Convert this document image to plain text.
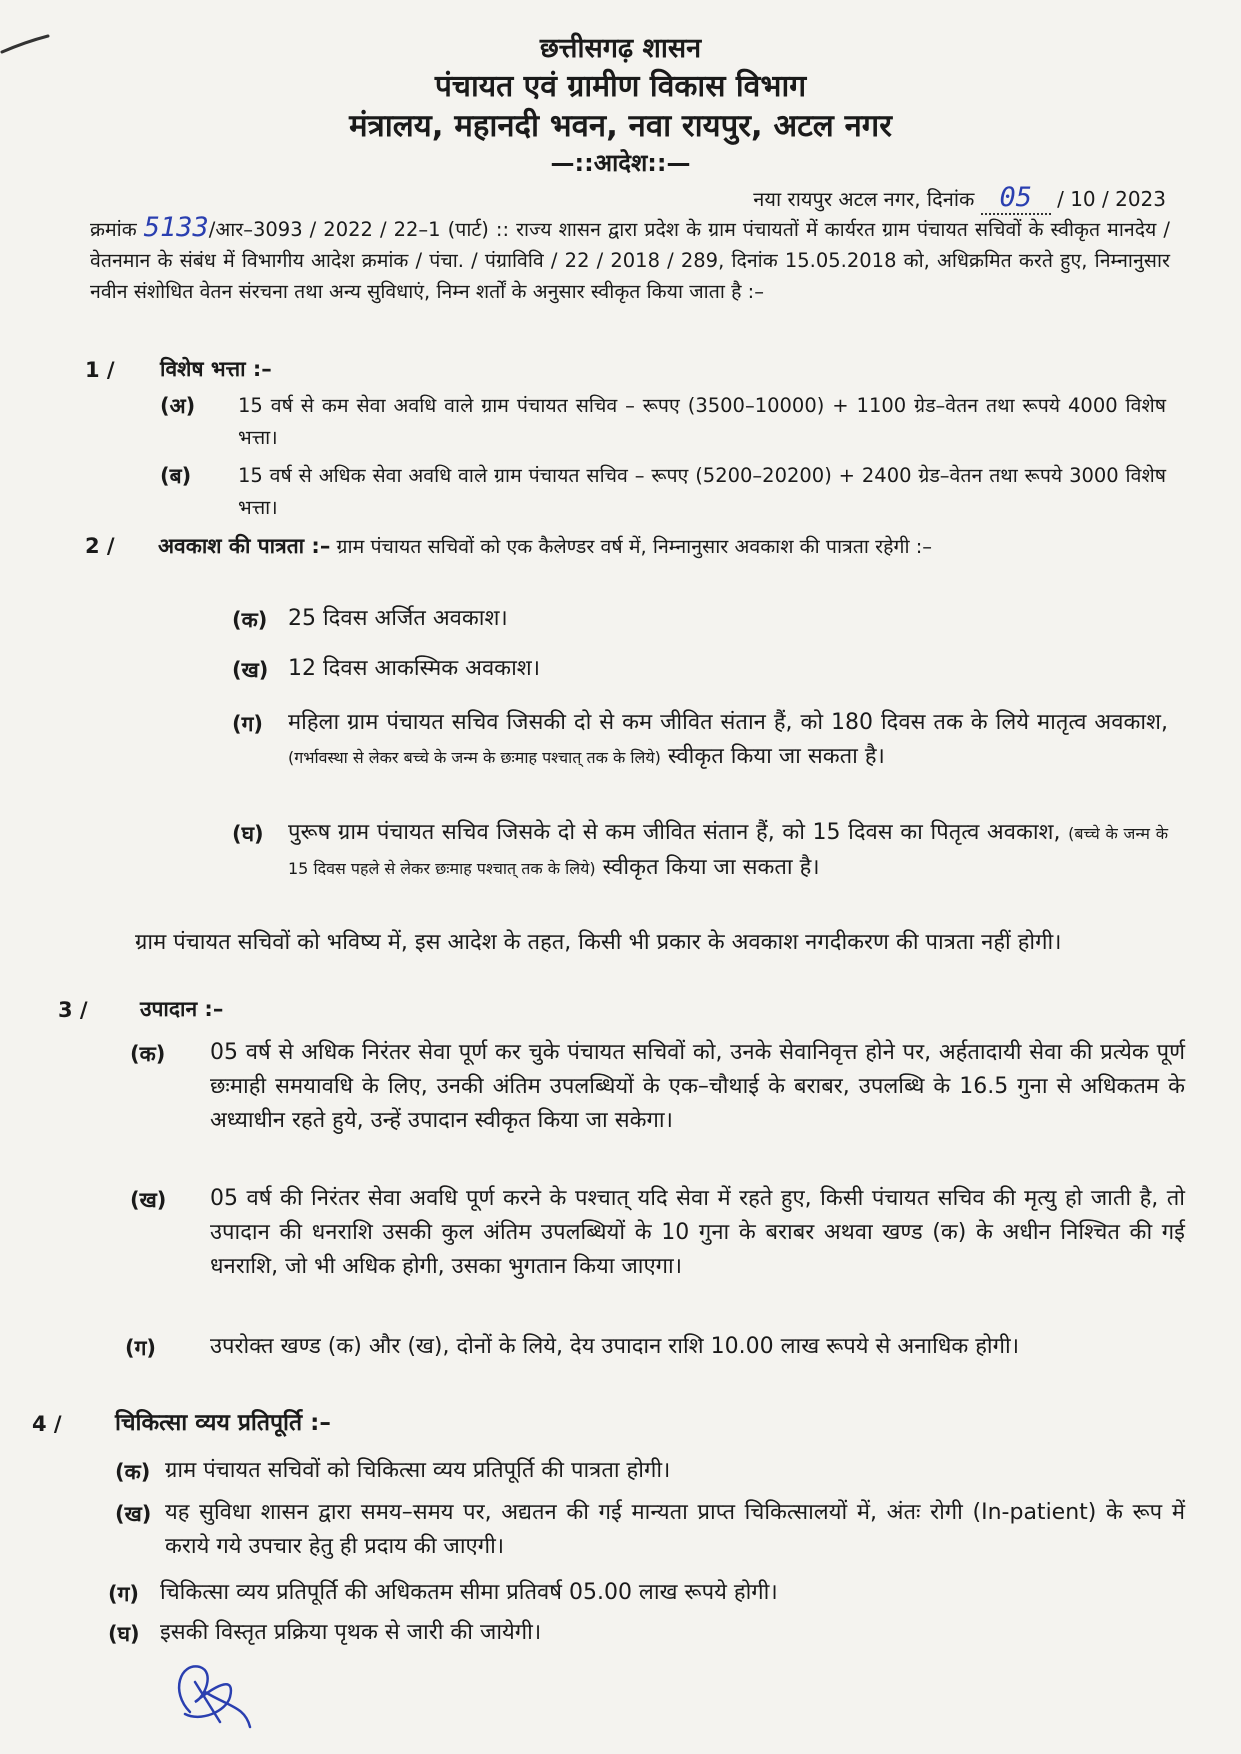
छत्तीसगढ़ शासन
पंचायत एवं ग्रामीण विकास विभाग
मंत्रालय, महानदी भवन, नवा रायपुर, अटल नगर
—::आदेश::—
नया रायपुर अटल नगर, दिनांक 05 / 10 / 2023

क्रमांक 5133/आर–3093 / 2022 / 22–1 (पार्ट) :: राज्य शासन द्वारा प्रदेश के ग्राम पंचायतों में कार्यरत ग्राम पंचायत सचिवों के स्वीकृत मानदेय / वेतनमान के संबंध में विभागीय आदेश क्रमांक / पंचा. / पंग्राविवि / 22 / 2018 / 289, दिनांक 15.05.2018 को, अधिक्रमित करते हुए, निम्नानुसार नवीन संशोधित वेतन संरचना तथा अन्य सुविधाएं, निम्न शर्तों के अनुसार स्वीकृत किया जाता है :–

1 / विशेष भत्ता :–
(अ) 15 वर्ष से कम सेवा अवधि वाले ग्राम पंचायत सचिव – रूपए (3500–10000) + 1100 ग्रेड–वेतन तथा रूपये 4000 विशेष भत्ता।
(ब) 15 वर्ष से अधिक सेवा अवधि वाले ग्राम पंचायत सचिव – रूपए (5200–20200) + 2400 ग्रेड–वेतन तथा रूपये 3000 विशेष भत्ता।
2 /	अवकाश की पात्रता :– ग्राम पंचायत सचिवों को एक कैलेण्डर वर्ष में, निम्नानुसार अवकाश की पात्रता रहेगी :–
(क) 25 दिवस अर्जित अवकाश।
(ख) 12 दिवस आकस्मिक अवकाश।
(ग) महिला ग्राम पंचायत सचिव जिसकी दो से कम जीवित संतान हैं, को 180 दिवस तक के लिये मातृत्व अवकाश, (गर्भावस्था से लेकर बच्चे के जन्म के छःमाह पश्चात् तक के लिये) स्वीकृत किया जा सकता है।
(घ) पुरूष ग्राम पंचायत सचिव जिसके दो से कम जीवित संतान हैं, को 15 दिवस का पितृत्व अवकाश, (बच्चे के जन्म के 15 दिवस पहले से लेकर छःमाह पश्चात् तक के लिये) स्वीकृत किया जा सकता है।
ग्राम पंचायत सचिवों को भविष्य में, इस आदेश के तहत, किसी भी प्रकार के अवकाश नगदीकरण की पात्रता नहीं होगी।
3 / उपादान :–
(क) 05 वर्ष से अधिक निरंतर सेवा पूर्ण कर चुके पंचायत सचिवों को, उनके सेवानिवृत्त होने पर, अर्हतादायी सेवा की प्रत्येक पूर्ण छःमाही समयावधि के लिए, उनकी अंतिम उपलब्धियों के एक–चौथाई के बराबर, उपलब्धि के 16.5 गुना से अधिकतम के अध्याधीन रहते हुये, उन्हें उपादान स्वीकृत किया जा सकेगा।
(ख) 05 वर्ष की निरंतर सेवा अवधि पूर्ण करने के पश्चात् यदि सेवा में रहते हुए, किसी पंचायत सचिव की मृत्यु हो जाती है, तो उपादान की धनराशि उसकी कुल अंतिम उपलब्धियों के 10 गुना के बराबर अथवा खण्ड (क) के अधीन निश्चित की गई धनराशि, जो भी अधिक होगी, उसका भुगतान किया जाएगा।
(ग) उपरोक्त खण्ड (क) और (ख), दोनों के लिये, देय उपादान राशि 10.00 लाख रूपये से अनाधिक होगी।
4 / चिकित्सा व्यय प्रतिपूर्ति :–
(क) ग्राम पंचायत सचिवों को चिकित्सा व्यय प्रतिपूर्ति की पात्रता होगी।
(ख) यह सुविधा शासन द्वारा समय–समय पर, अद्यतन की गई मान्यता प्राप्त चिकित्सालयों में, अंतः रोगी (In-patient) के रूप में कराये गये उपचार हेतु ही प्रदाय की जाएगी।
(ग) चिकित्सा व्यय प्रतिपूर्ति की अधिकतम सीमा प्रतिवर्ष 05.00 लाख रूपये होगी।
(घ) इसकी विस्तृत प्रक्रिया पृथक से जारी की जायेगी।
